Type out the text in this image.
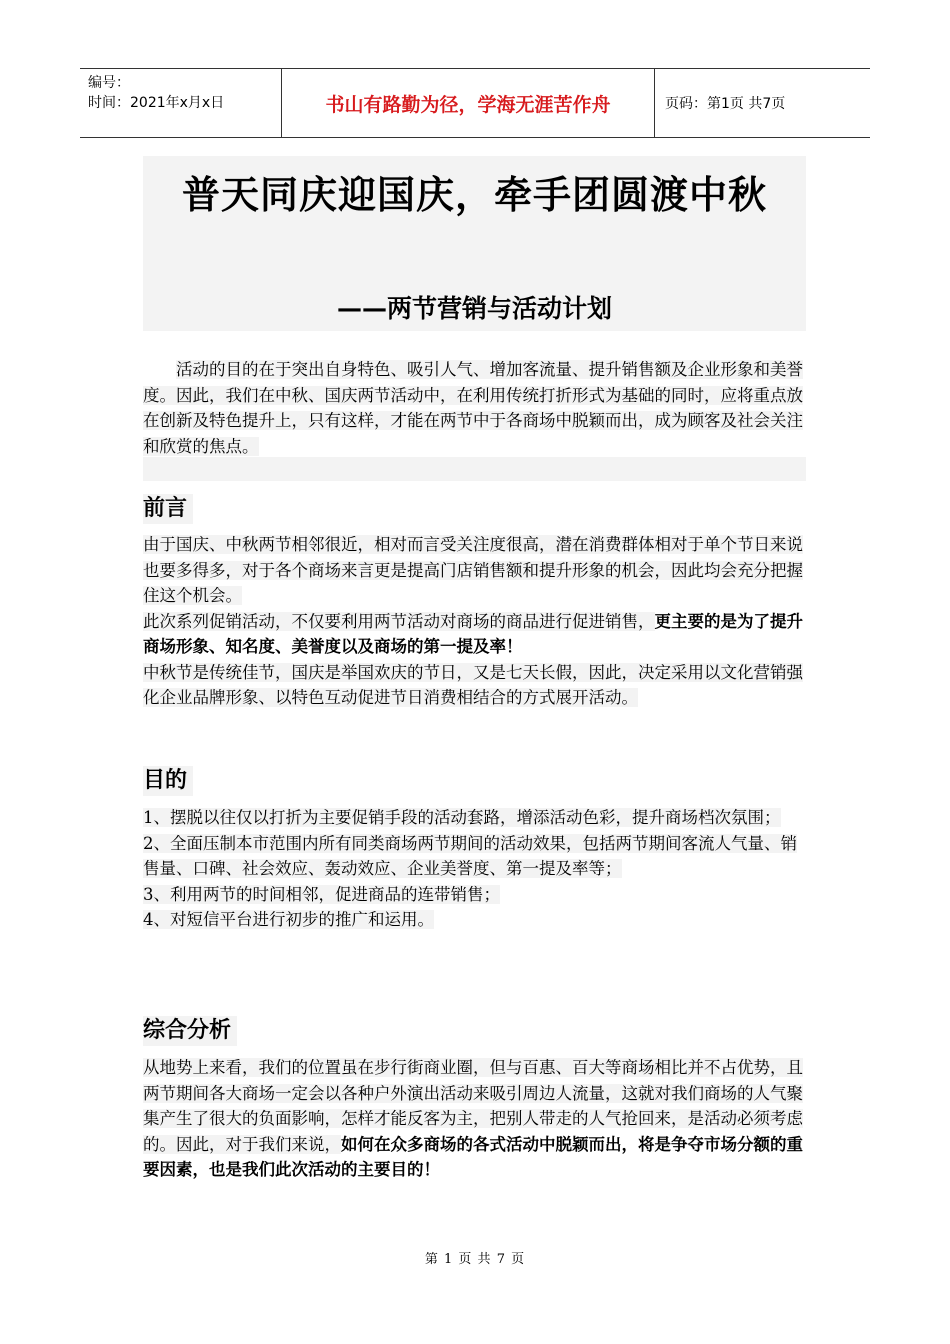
编号：
时间：2021年x月x日	书山有路勤为径，学海无涯苦作舟	页码：第1页 共7页
普天同庆迎国庆，牵手团圆渡中秋
——两节营销与活动计划
活动的目的在于突出自身特色、吸引人气、增加客流量、提升销售额及企业形象和美誉度。因此，我们在中秋、国庆两节活动中，在利用传统打折形式为基础的同时，应将重点放在创新及特色提升上，只有这样，才能在两节中于各商场中脱颖而出，成为顾客及社会关注和欣赏的焦点。
前言

由于国庆、中秋两节相邻很近，相对而言受关注度很高，潜在消费群体相对于单个节日来说也要多得多，对于各个商场来言更是提高门店销售额和提升形象的机会，因此均会充分把握住这个机会。

此次系列促销活动，不仅要利用两节活动对商场的商品进行促进销售，更主要的是为了提升商场形象、知名度、美誉度以及商场的第一提及率！

中秋节是传统佳节，国庆是举国欢庆的节日，又是七天长假，因此，决定采用以文化营销强化企业品牌形象、以特色互动促进节日消费相结合的方式展开活动。

目的

1、摆脱以往仅以打折为主要促销手段的活动套路，增添活动色彩，提升商场档次氛围；

2、全面压制本市范围内所有同类商场两节期间的活动效果，包括两节期间客流人气量、销

售量、口碑、社会效应、轰动效应、企业美誉度、第一提及率等；

3、利用两节的时间相邻，促进商品的连带销售；

4、对短信平台进行初步的推广和运用。

综合分析

从地势上来看，我们的位置虽在步行街商业圈，但与百惠、百大等商场相比并不占优势，且两节期间各大商场一定会以各种户外演出活动来吸引周边人流量，这就对我们商场的人气聚集产生了很大的负面影响，怎样才能反客为主，把别人带走的人气抢回来，是活动必须考虑的。因此，对于我们来说，如何在众多商场的各式活动中脱颖而出，将是争夺市场分额的重要因素，也是我们此次活动的主要目的！

第 1 页 共 7 页
